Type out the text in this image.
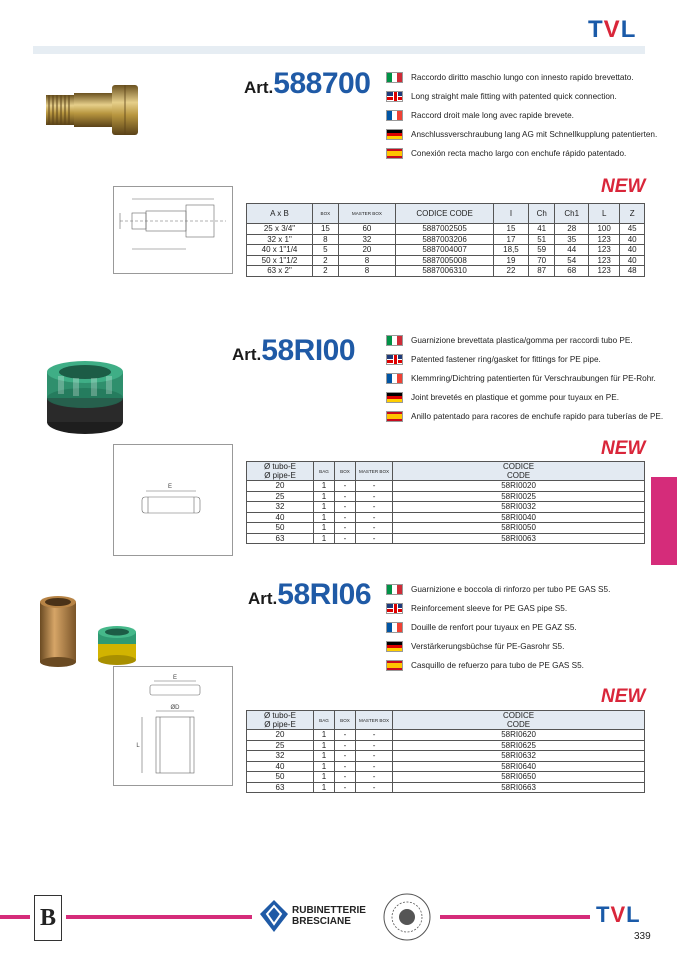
TVL
Art.588700	Raccordo diritto maschio lungo con innesto rapido brevettato.
Long straight male fitting with patented quick connection.
Raccord droit male long avec rapide brevete.
Anschlussverschraubung lang AG mit Schnellkupplung patentierten.
Conexión recta macho largo con enchufe rápido patentado.
NEW
A x B	BOX	MASTER BOX	CODICE CODE	I	Ch	Ch1	L	Z
25 x 3/4"	15	60	5887002505	15	41	28	100	45
32 x 1"	8	32	5887003206	17	51	35	123	40
40 x 1"1/4	5	20	5887004007	18,5	59	44	123	40
50 x 1"1/2	2	8	5887005008	19	70	54	123	40
63 x 2"	2	8	5887006310	22	87	68	123	48
Art.58RI00	Guarnizione brevettata plastica/gomma per raccordi tubo PE.
Patented fastener ring/gasket for fittings for PE pipe.
Klemmring/Dichtring patentierten für Verschraubungen für PE-Rohr.
Joint brevetés en plastique et gomme pour tuyaux en PE.
Anillo patentado para racores de enchufe rapido para tuberías de PE.
E
NEW
Ø tubo-E
Ø pipe-E	BAG	BOX	MASTER BOX	CODICE
CODE
20	1	-	-	58RI0020
25	1	-	-	58RI0025
32	1	-	-	58RI0032
40	1	-	-	58RI0040
50	1	-	-	58RI0050
63	1	-	-	58RI0063
Art.58RI06	Guarnizione e boccola di rinforzo per tubo PE GAS S5.
Reinforcement sleeve for PE GAS pipe S5.
Douille de renfort pour tuyaux en PE GAZ S5.
Verstärkerungsbüchse für PE-Gasrohr S5.
Casquillo de refuerzo para tubo de PE GAS S5.
E
ØD
L
NEW
Ø tubo-E
Ø pipe-E	BAG	BOX	MASTER BOX	CODICE
CODE
20	1	-	-	58RI0620
25	1	-	-	58RI0625
32	1	-	-	58RI0632
40	1	-	-	58RI0640
50	1	-	-	58RI0650
63	1	-	-	58RI0663
B	RUBINETTERIE
BRESCIANE	TVL
339
